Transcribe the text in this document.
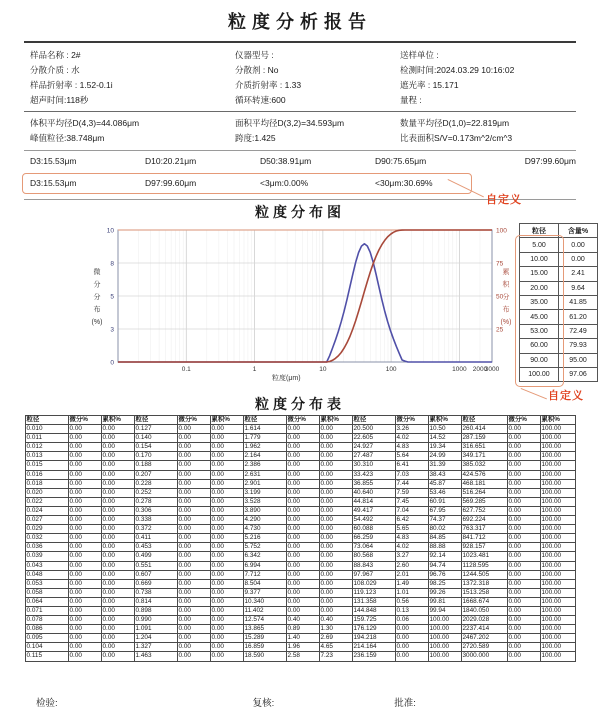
粒度分析报告
样品名称 : 2#	仪器型号 :	送样单位 :
分散介质 : 水	分散剂 : No	检测时间:2024.03.29 10:16:02
样品折射率 : 1.52-0.1i	介质折射率 : 1.33	遮光率 : 15.171
超声时间:118秒	循环转速:600	量程 :
体积平均径D(4,3)=44.086μm	面积平均径D(3,2)=34.593μm	数量平均径D(1,0)=22.819μm
峰值粒径:38.748μm	跨度:1.425	比表面积S/V=0.173m^2/cm^3
D3:15.53μm	D10:20.21μm	D50:38.91μm	D90:75.65μm	D97:99.60μm
D3:15.53μm	D97:99.60μm	<3μm:0.00%	<30μm:30.69%
自定义
粒度分布图
0
3
5
8
10
25
50
75
100
0.1	1	10	100	1000 2000
3000
粒度(μm)
微
分
分
布
(%)
累
积
分
布
(%)
粒径	含量%
5.00	0.00
10.00	0.00
15.00	2.41
20.00	9.64
35.00	41.85
45.00	61.20
53.00	72.49
60.00	79.93
90.00	95.00
100.00	97.06
自定义
粒度分布表
粒径	微分%	累积%	粒径	微分%	累积%	粒径	微分%	累积%	粒径	微分%	累积%	粒径	微分%	累积%
0.010	0.00	0.00	0.127	0.00	0.00	1.614	0.00	0.00	20.500	3.26	10.50	260.414	0.00	100.00
0.011	0.00	0.00	0.140	0.00	0.00	1.779	0.00	0.00	22.605	4.02	14.52	287.159	0.00	100.00
0.012	0.00	0.00	0.154	0.00	0.00	1.962	0.00	0.00	24.927	4.83	19.34	316.651	0.00	100.00
0.013	0.00	0.00	0.170	0.00	0.00	2.164	0.00	0.00	27.487	5.64	24.99	349.171	0.00	100.00
0.015	0.00	0.00	0.188	0.00	0.00	2.386	0.00	0.00	30.310	6.41	31.39	385.032	0.00	100.00
0.016	0.00	0.00	0.207	0.00	0.00	2.631	0.00	0.00	33.423	7.03	38.43	424.576	0.00	100.00
0.018	0.00	0.00	0.228	0.00	0.00	2.901	0.00	0.00	36.855	7.44	45.87	468.181	0.00	100.00
0.020	0.00	0.00	0.252	0.00	0.00	3.199	0.00	0.00	40.640	7.59	53.46	516.264	0.00	100.00
0.022	0.00	0.00	0.278	0.00	0.00	3.528	0.00	0.00	44.814	7.45	60.91	569.285	0.00	100.00
0.024	0.00	0.00	0.306	0.00	0.00	3.890	0.00	0.00	49.417	7.04	67.95	627.752	0.00	100.00
0.027	0.00	0.00	0.338	0.00	0.00	4.290	0.00	0.00	54.492	6.42	74.37	692.224	0.00	100.00
0.029	0.00	0.00	0.372	0.00	0.00	4.730	0.00	0.00	60.088	5.65	80.02	763.317	0.00	100.00
0.032	0.00	0.00	0.411	0.00	0.00	5.216	0.00	0.00	66.259	4.83	84.85	841.712	0.00	100.00
0.036	0.00	0.00	0.453	0.00	0.00	5.752	0.00	0.00	73.064	4.02	88.88	928.157	0.00	100.00
0.039	0.00	0.00	0.499	0.00	0.00	6.342	0.00	0.00	80.568	3.27	92.14	1023.481	0.00	100.00
0.043	0.00	0.00	0.551	0.00	0.00	6.994	0.00	0.00	88.843	2.60	94.74	1128.595	0.00	100.00
0.048	0.00	0.00	0.607	0.00	0.00	7.712	0.00	0.00	97.967	2.01	96.76	1244.505	0.00	100.00
0.053	0.00	0.00	0.669	0.00	0.00	8.504	0.00	0.00	108.029	1.49	98.25	1372.318	0.00	100.00
0.058	0.00	0.00	0.738	0.00	0.00	9.377	0.00	0.00	119.123	1.01	99.26	1513.258	0.00	100.00
0.064	0.00	0.00	0.814	0.00	0.00	10.340	0.00	0.00	131.358	0.56	99.81	1668.674	0.00	100.00
0.071	0.00	0.00	0.898	0.00	0.00	11.402	0.00	0.00	144.848	0.13	99.94	1840.050	0.00	100.00
0.078	0.00	0.00	0.990	0.00	0.00	12.574	0.40	0.40	159.725	0.06	100.00	2029.028	0.00	100.00
0.086	0.00	0.00	1.091	0.00	0.00	13.865	0.89	1.30	176.129	0.00	100.00	2237.414	0.00	100.00
0.095	0.00	0.00	1.204	0.00	0.00	15.289	1.40	2.69	194.218	0.00	100.00	2467.202	0.00	100.00
0.104	0.00	0.00	1.327	0.00	0.00	16.859	1.96	4.65	214.164	0.00	100.00	2720.589	0.00	100.00
0.115	0.00	0.00	1.463	0.00	0.00	18.590	2.58	7.23	236.159	0.00	100.00	3000.000	0.00	100.00
检验:	复核:	批准:
